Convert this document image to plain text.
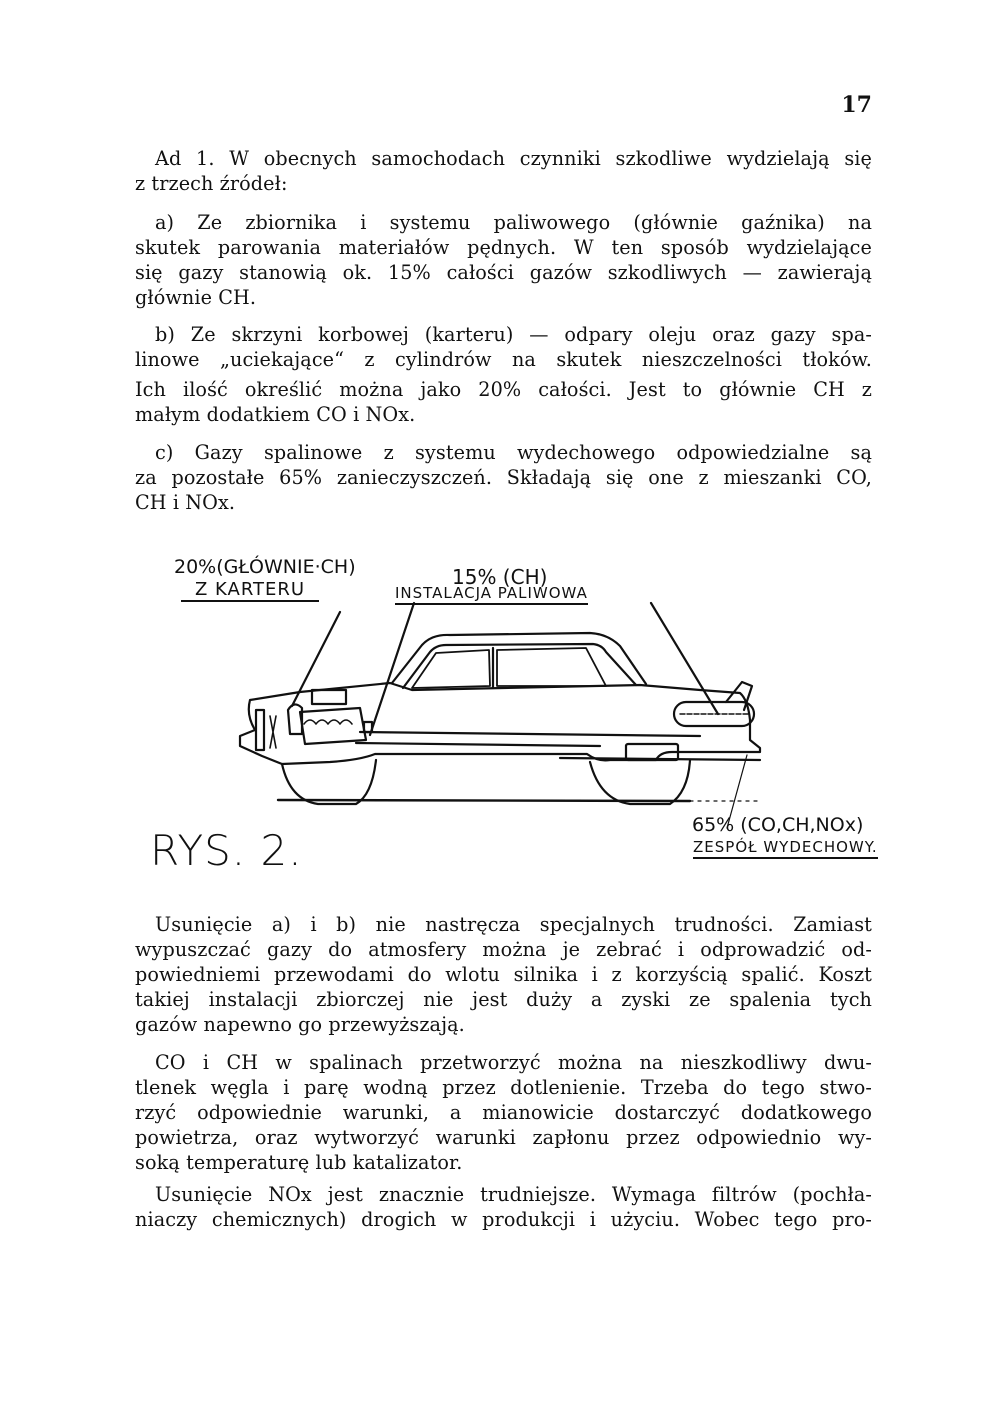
17
Ad 1. W obecnych samochodach czynniki szkodliwe wydzielają się
z trzech źródeł:
a) Ze zbiornika i systemu paliwowego (głównie gaźnika) na
skutek parowania materiałów pędnych. W ten sposób wydzielające
się gazy stanowią ok. 15% całości gazów szkodliwych — zawierają
głównie CH.
b) Ze skrzyni korbowej (karteru) — odpary oleju oraz gazy spa-
linowe „uciekające“ z cylindrów na skutek nieszczelności tłoków.
Ich ilość określić można jako 20% całości. Jest to głównie CH z
małym dodatkiem CO i NOx.
c) Gazy spalinowe z systemu wydechowego odpowiedzialne są
za pozostałe 65% zanieczyszczeń. Składają się one z mieszanki CO,
CH i NOx.
20%(GŁÓWNIE·CH)
Z KARTERU
15% (CH)
INSTALACJA PALIWOWA
65% (CO,CH,NOx)
ZESPÓŁ WYDECHOWY.
RYS. 2.
Usunięcie a) i b) nie nastręcza specjalnych trudności. Zamiast
wypuszczać gazy do atmosfery można je zebrać i odprowadzić od-
powiedniemi przewodami do wlotu silnika i z korzyścią spalić. Koszt
takiej instalacji zbiorczej nie jest duży a zyski ze spalenia tych
gazów napewno go przewyższają.
CO i CH w spalinach przetworzyć można na nieszkodliwy dwu-
tlenek węgla i parę wodną przez dotlenienie. Trzeba do tego stwo-
rzyć odpowiednie warunki, a mianowicie dostarczyć dodatkowego
powietrza, oraz wytworzyć warunki zapłonu przez odpowiednio wy-
soką temperaturę lub katalizator.
Usunięcie NOx jest znacznie trudniejsze. Wymaga filtrów (pochła-
niaczy chemicznych) drogich w produkcji i użyciu. Wobec tego pro-
